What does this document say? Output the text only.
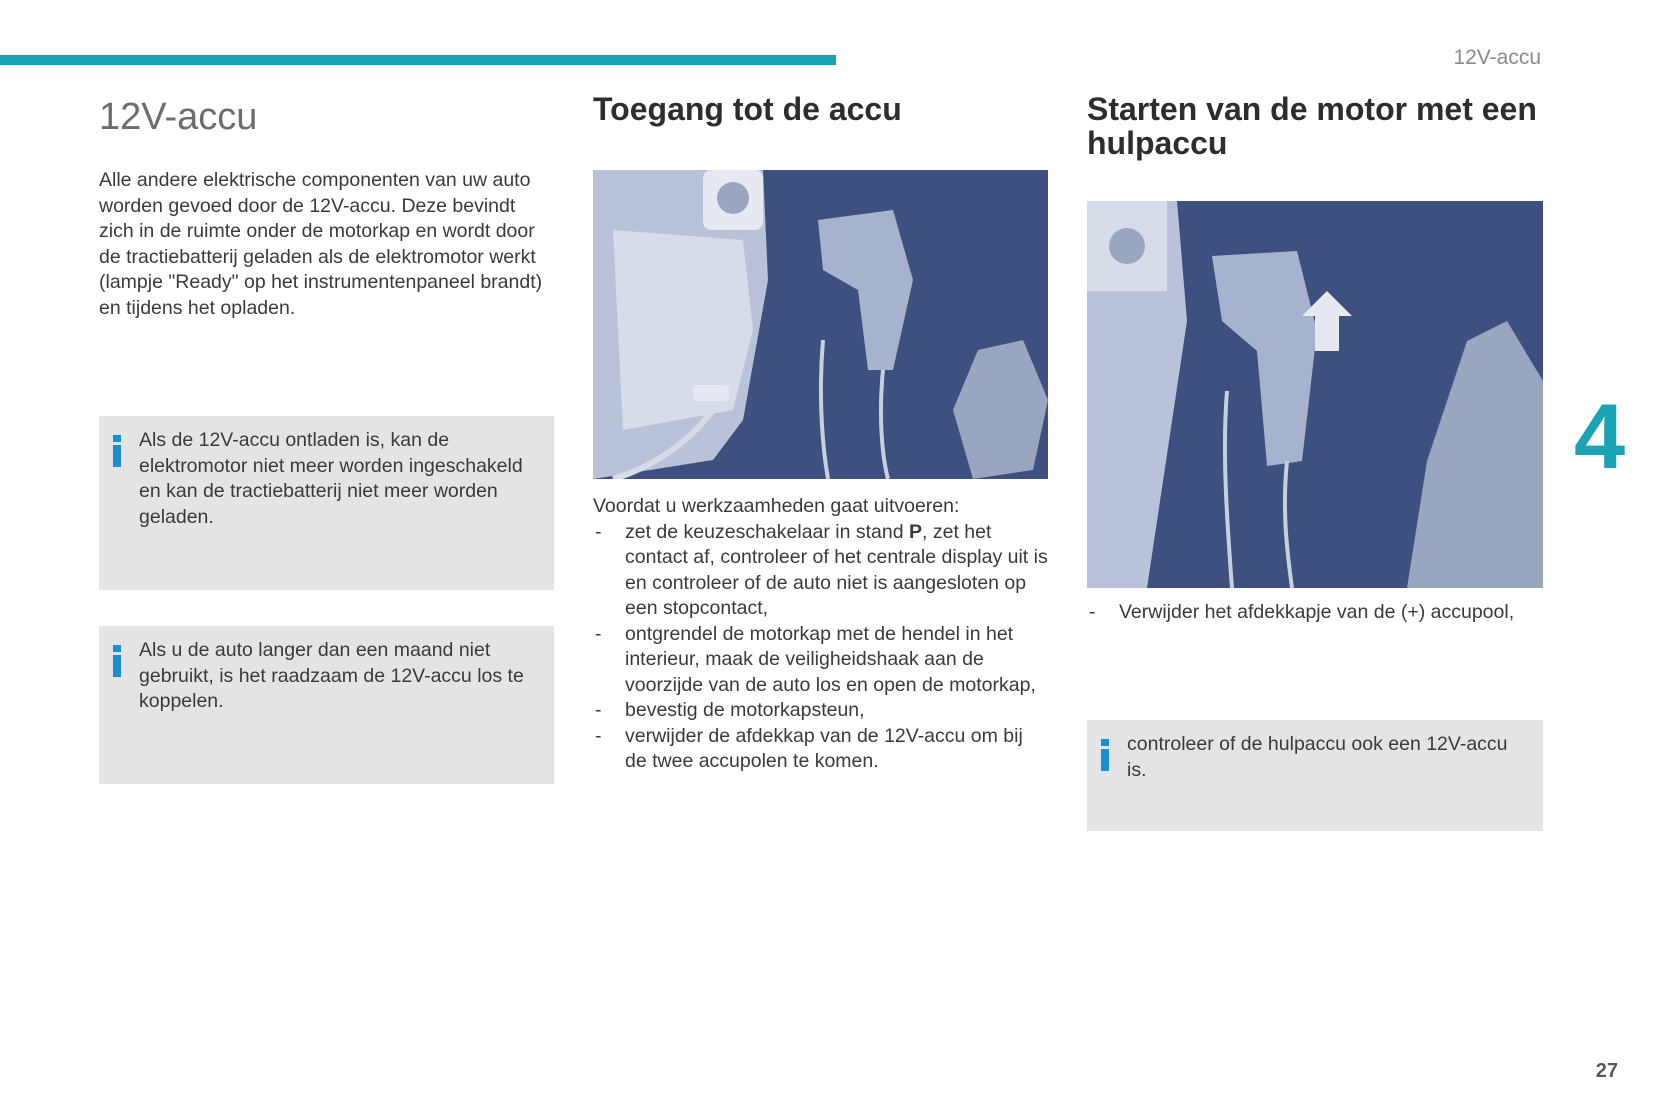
12V-accu
4
27
12V-accu

Alle andere elektrische componenten van uw auto worden gevoed door de 12V-accu. Deze bevindt zich in de ruimte onder de motorkap en wordt door de tractiebatterij geladen als de elektromotor werkt (lampje "Ready" op het instrumentenpaneel brandt) en tijdens het opladen.

Als de 12V-accu ontladen is, kan de elektromotor niet meer worden ingeschakeld en kan de tractiebatterij niet meer worden geladen.

Als u de auto langer dan een maand niet gebruikt, is het raadzaam de 12V-accu los te koppelen.

Toegang tot de accu

Voordat u werkzaamheden gaat uitvoeren:

- zet de keuzeschakelaar in stand P, zet het contact af, controleer of het centrale display uit is en controleer of de auto niet is aangesloten op een stopcontact,
- ontgrendel de motorkap met de hendel in het interieur, maak de veiligheidshaak aan de voorzijde van de auto los en open de motorkap,
- bevestig de motorkapsteun,
- verwijder de afdekkap van de 12V-accu om bij de twee accupolen te komen.
Starten van de motor met een hulpaccu
- Verwijder het afdekkapje van de (+) accupool,

controleer of de hulpaccu ook een 12V-accu is.
